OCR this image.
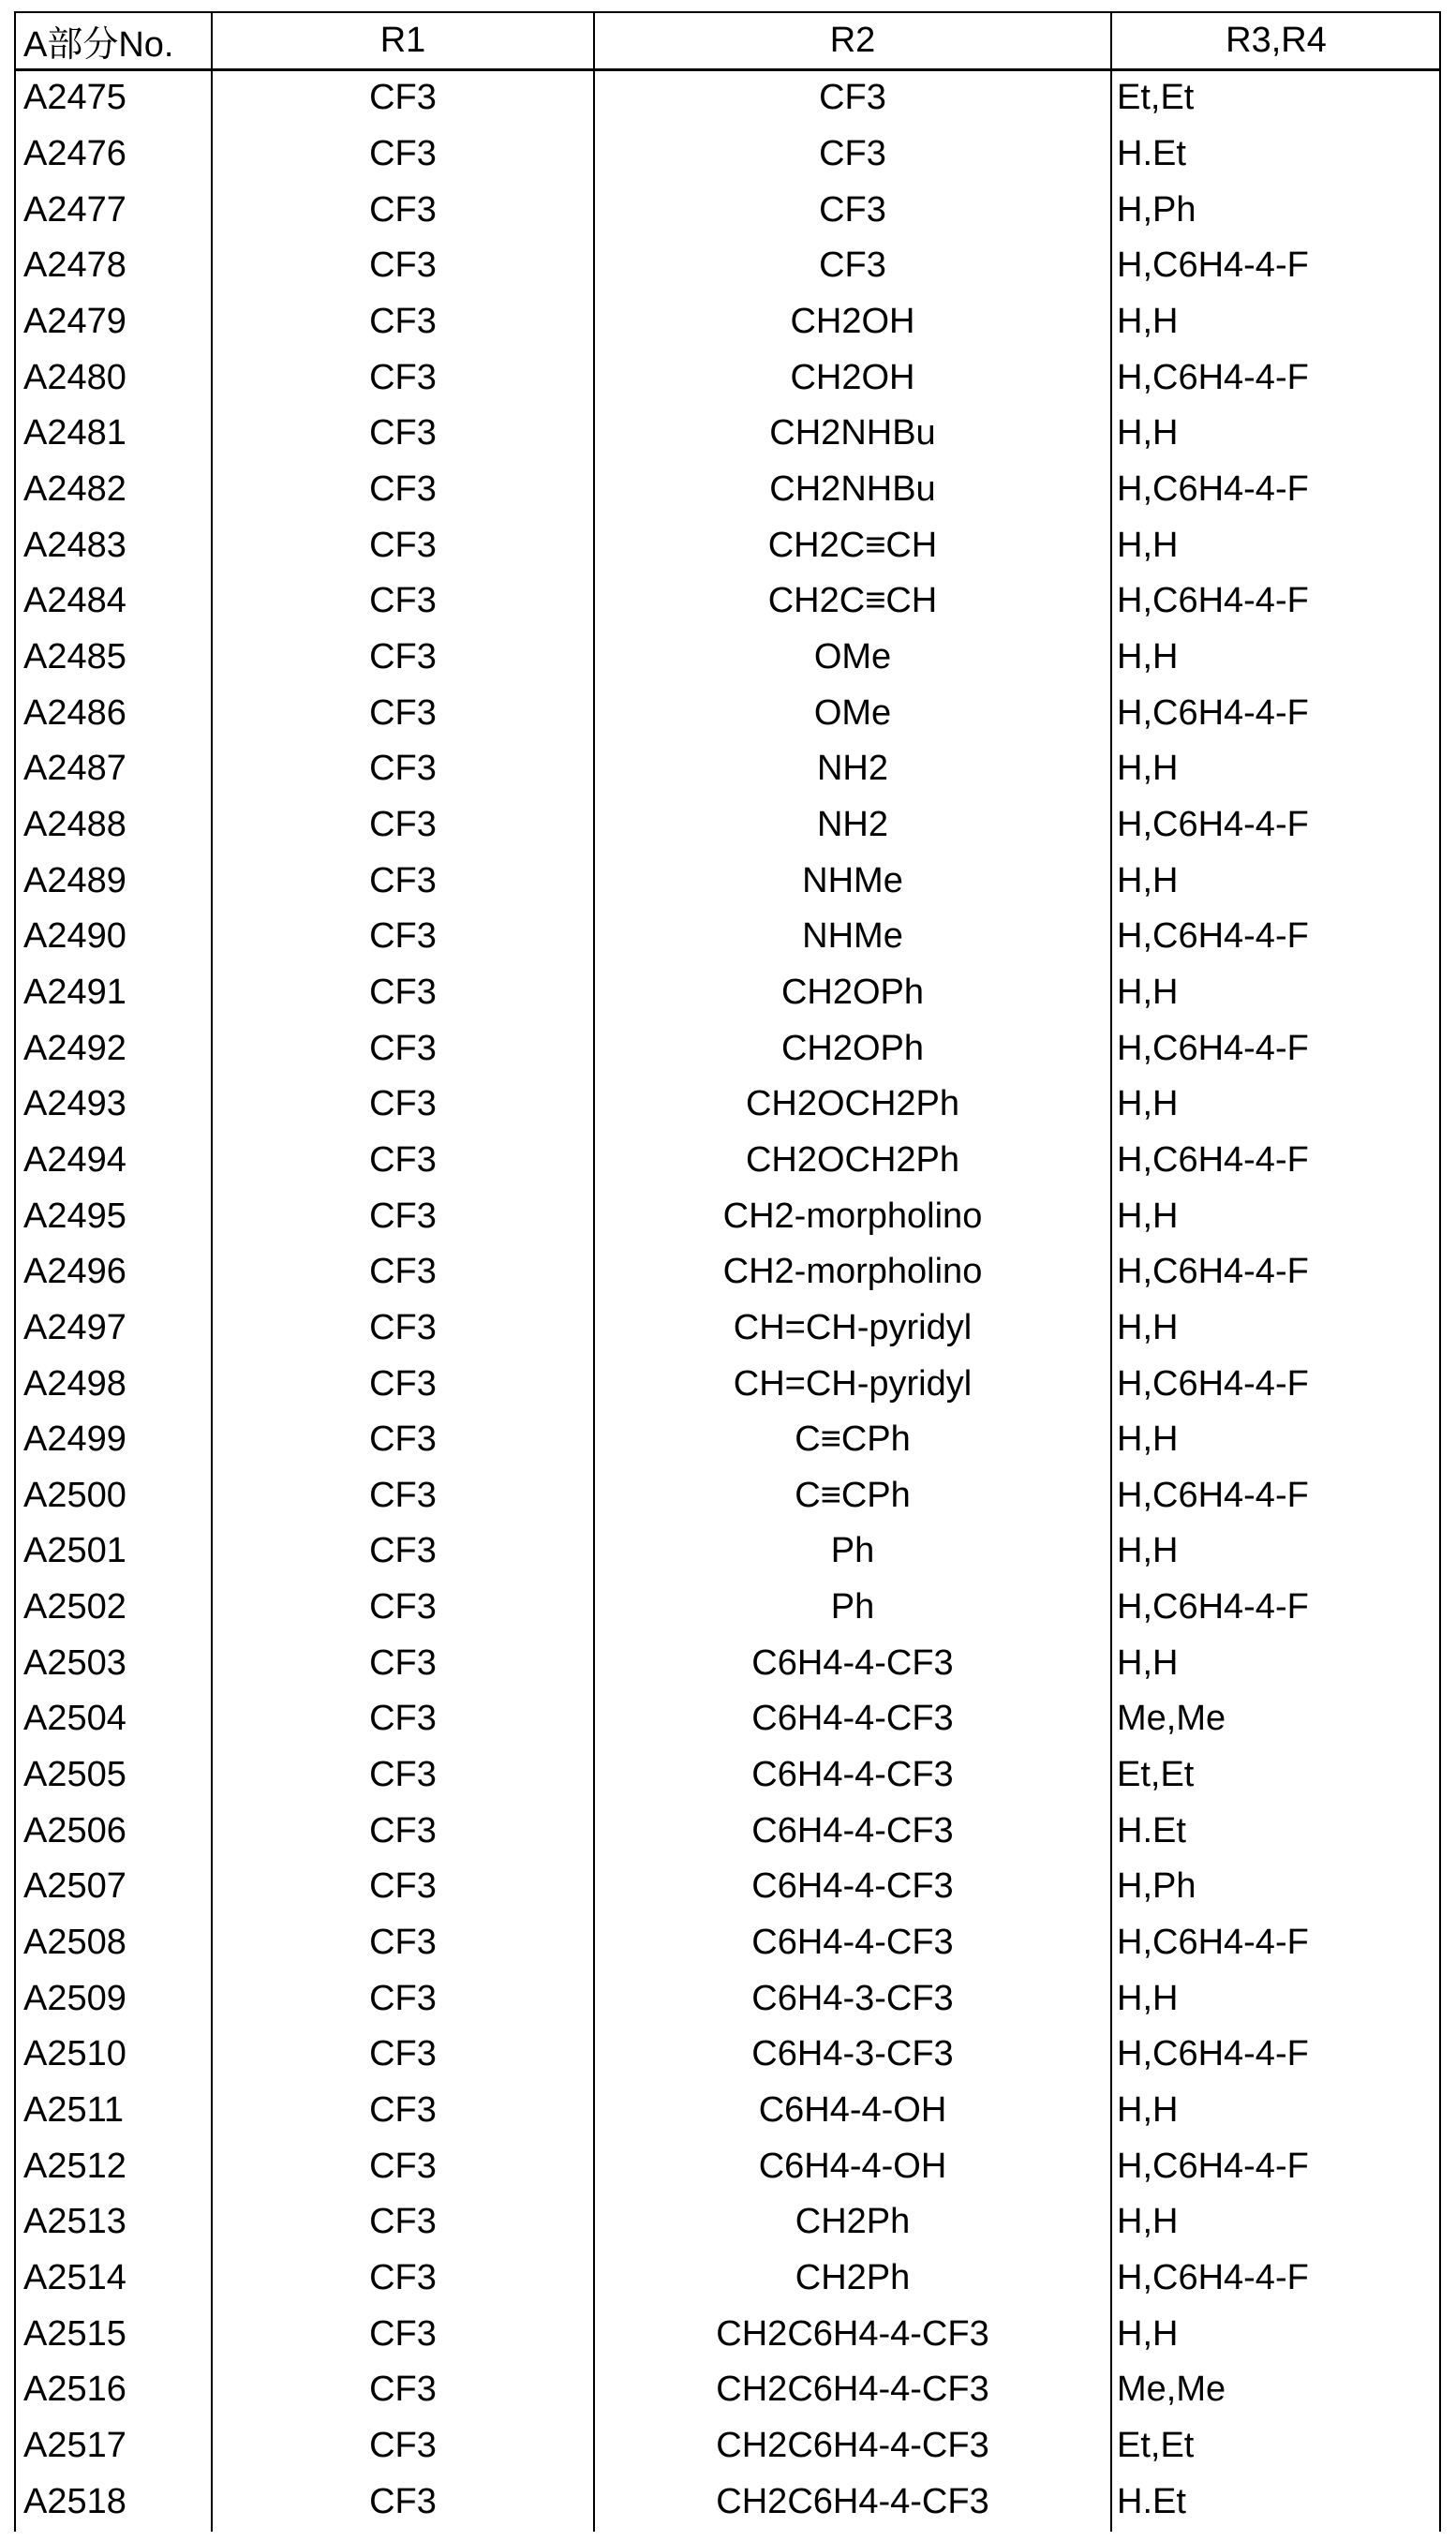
A部分No.	R1	R2	R3,R4
A2475	CF3	CF3	Et,Et
A2476	CF3	CF3	H.Et
A2477	CF3	CF3	H,Ph
A2478	CF3	CF3	H,C6H4-4-F
A2479	CF3	CH2OH	H,H
A2480	CF3	CH2OH	H,C6H4-4-F
A2481	CF3	CH2NHBu	H,H
A2482	CF3	CH2NHBu	H,C6H4-4-F
A2483	CF3	CH2C≡CH	H,H
A2484	CF3	CH2C≡CH	H,C6H4-4-F
A2485	CF3	OMe	H,H
A2486	CF3	OMe	H,C6H4-4-F
A2487	CF3	NH2	H,H
A2488	CF3	NH2	H,C6H4-4-F
A2489	CF3	NHMe	H,H
A2490	CF3	NHMe	H,C6H4-4-F
A2491	CF3	CH2OPh	H,H
A2492	CF3	CH2OPh	H,C6H4-4-F
A2493	CF3	CH2OCH2Ph	H,H
A2494	CF3	CH2OCH2Ph	H,C6H4-4-F
A2495	CF3	CH2-morpholino	H,H
A2496	CF3	CH2-morpholino	H,C6H4-4-F
A2497	CF3	CH=CH-pyridyl	H,H
A2498	CF3	CH=CH-pyridyl	H,C6H4-4-F
A2499	CF3	C≡CPh	H,H
A2500	CF3	C≡CPh	H,C6H4-4-F
A2501	CF3	Ph	H,H
A2502	CF3	Ph	H,C6H4-4-F
A2503	CF3	C6H4-4-CF3	H,H
A2504	CF3	C6H4-4-CF3	Me,Me
A2505	CF3	C6H4-4-CF3	Et,Et
A2506	CF3	C6H4-4-CF3	H.Et
A2507	CF3	C6H4-4-CF3	H,Ph
A2508	CF3	C6H4-4-CF3	H,C6H4-4-F
A2509	CF3	C6H4-3-CF3	H,H
A2510	CF3	C6H4-3-CF3	H,C6H4-4-F
A2511	CF3	C6H4-4-OH	H,H
A2512	CF3	C6H4-4-OH	H,C6H4-4-F
A2513	CF3	CH2Ph	H,H
A2514	CF3	CH2Ph	H,C6H4-4-F
A2515	CF3	CH2C6H4-4-CF3	H,H
A2516	CF3	CH2C6H4-4-CF3	Me,Me
A2517	CF3	CH2C6H4-4-CF3	Et,Et
A2518	CF3	CH2C6H4-4-CF3	H.Et
